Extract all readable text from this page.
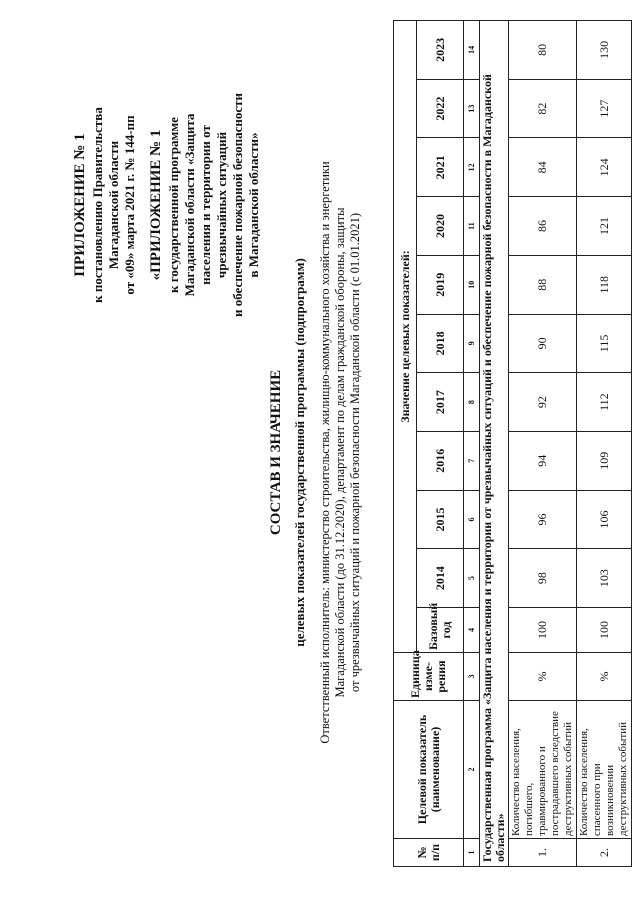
ПРИЛОЖЕНИЕ № 1 к постановлению Правительства Магаданской области от «09» марта 2021 г. № 144-пп «ПРИЛОЖЕНИЕ № 1 к государственной программе Магаданской области «Защита населения и территории от чрезвычайных ситуаций и обеспечение пожарной безопасности в Магаданской области»
СОСТАВ И ЗНАЧЕНИЕ целевых показателей государственной программы (подпрограмм) Ответственный исполнитель: министерство строительства, жилищно-коммунального хозяйства и энергетики Магаданской области (до 31.12.2020), департамент по делам гражданской обороны, защиты от чрезвычайных ситуаций и пожарной безопасности Магаданской области (с 01.01.2021)
№ п/п	Целевой показатель (наименование)	Единица изме-рения	Значение целевых показателей:										
			Базовый год	2014	2015	2016	2017	2018	2019	2020	2021	2022	2023
1	2	3	4	5	6	7	8	9	10	11	12	13	14
Государственная программа «Защита населения и территории от чрезвычайных ситуаций и обеспечение пожарной безопасности в Магаданской области»													
1.	Количество населения, погибшего, травмированного и пострадавшего вследствие деструктивных событий	%	100	98	96	94	92	90	88	86	84	82	80
2.	Количество населения, спасенного при возникновении деструктивных событий	%	100	103	106	109	112	115	118	121	124	127	130
